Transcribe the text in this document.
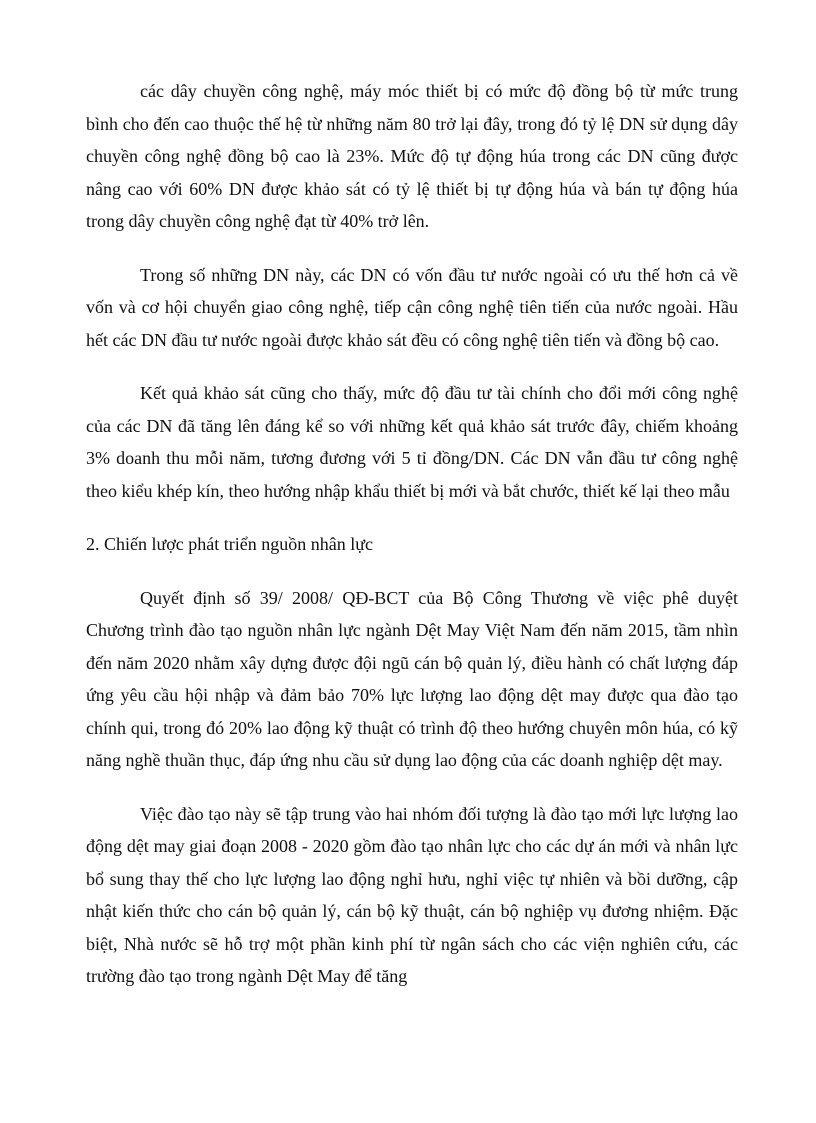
các dây chuyền công nghệ, máy móc thiết bị có mức độ đồng bộ từ mức trung bình cho đến cao thuộc thế hệ từ những năm 80 trở lại đây, trong đó tỷ lệ DN sử dụng dây chuyền công nghệ đồng bộ cao là 23%. Mức độ tự động húa trong các DN cũng được nâng cao với 60% DN được khảo sát có tỷ lệ thiết bị tự động húa và bán tự động húa trong dây chuyền công nghệ đạt từ 40% trở lên.

Trong số những DN này, các DN có vốn đầu tư nước ngoài có ưu thế hơn cả về vốn và cơ hội chuyển giao công nghệ, tiếp cận công nghệ tiên tiến của nước ngoài. Hầu hết các DN đầu tư nước ngoài được khảo sát đều có công nghệ tiên tiến và đồng bộ cao.

Kết quả khảo sát cũng cho thấy, mức độ đầu tư tài chính cho đổi mới công nghệ của các DN đã tăng lên đáng kể so với những kết quả khảo sát trước đây, chiếm khoảng 3% doanh thu mỗi năm, tương đương với 5 tỉ đồng/DN. Các DN vẫn đầu tư công nghệ theo kiểu khép kín, theo hướng nhập khẩu thiết bị mới và bắt chước, thiết kế lại theo mẫu

2. Chiến lược phát triển nguồn nhân lực

Quyết định số 39/ 2008/ QĐ-BCT của Bộ Công Thương về việc phê duyệt Chương trình đào tạo nguồn nhân lực ngành Dệt May Việt Nam đến năm 2015, tầm nhìn đến năm 2020 nhằm xây dựng được đội ngũ cán bộ quản lý, điều hành có chất lượng đáp ứng yêu cầu hội nhập và đảm bảo 70% lực lượng lao động dệt may được qua đào tạo chính qui, trong đó 20% lao động kỹ thuật có trình độ theo hướng chuyên môn húa, có kỹ năng nghề thuần thục, đáp ứng nhu cầu sử dụng lao động của các doanh nghiệp dệt may.

Việc đào tạo này sẽ tập trung vào hai nhóm đối tượng là đào tạo mới lực lượng lao động dệt may giai đoạn 2008 - 2020 gồm đào tạo nhân lực cho các dự án mới và nhân lực bổ sung thay thế cho lực lượng lao động nghỉ hưu, nghỉ việc tự nhiên và bồi dưỡng, cập nhật kiến thức cho cán bộ quản lý, cán bộ kỹ thuật, cán bộ nghiệp vụ đương nhiệm. Đặc biệt, Nhà nước sẽ hỗ trợ một phần kinh phí từ ngân sách cho các viện nghiên cứu, các trường đào tạo trong ngành Dệt May để tăng
